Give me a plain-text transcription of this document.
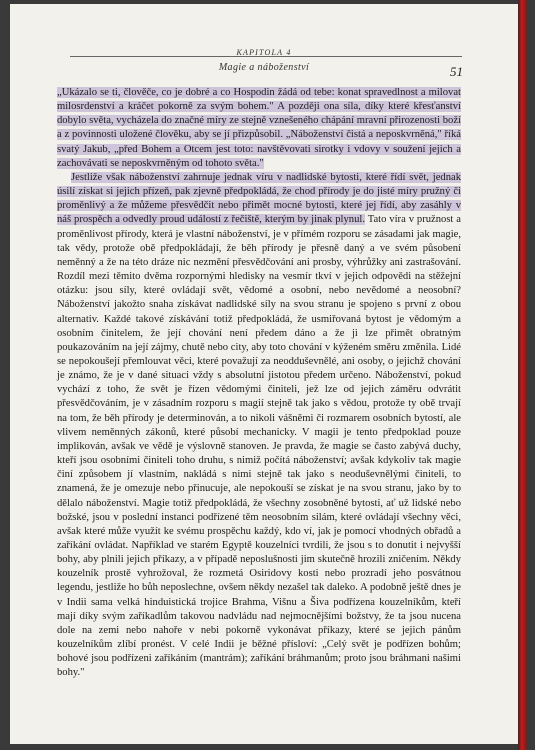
KAPITOLA 4
Magie a náboženství	51

„Ukázalo se ti, člověče, co je dobré a co Hospodin žádá od tebe: konat spravedlnost a milovat milosrdenství a kráčet pokorně za svým bohem." A později ona síla, díky které křesťanství dobylo světa, vycházela do značné míry ze stejně vznešeného chápání mravní přirozenosti boží a z povinnosti uložené člověku, aby se jí přizpůsobil. „Náboženství čistá a neposkvrněná," říká svatý Jakub, „před Bohem a Otcem jest toto: navštěvovati sirotky i vdovy v soužení jejich a zachovávati se neposkvrněným od tohoto světa."

Jestliže však náboženství zahrnuje jednak víru v nadlidské bytosti, které řídí svět, jednak úsilí získat si jejich přízeň, pak zjevně předpokládá, že chod přírody je do jisté míry pružný či proměnlivý a že můžeme přesvědčit nebo přimět mocné bytosti, které jej řídí, aby zasáhly v náš prospěch a odvedly proud událostí z řečiště, kterým by jinak plynul. Tato víra v pružnost a proměnlivost přírody, která je vlastní náboženství, je v přímém rozporu se zásadami jak magie, tak vědy, protože obě předpokládají, že běh přírody je přesně daný a ve svém působení neměnný a že na této dráze nic nezmění přesvědčování ani prosby, výhrůžky ani zastrašování. Rozdíl mezi těmito dvěma rozpornými hledisky na vesmír tkví v jejich odpovědi na stěžejní otázku: jsou síly, které ovládají svět, vědomé a osobní, nebo nevědomé a neosobní? Náboženství jakožto snaha získávat nadlidské síly na svou stranu je spojeno s první z obou alternativ. Každé takové získávání totiž předpokládá, že usmiřovaná bytost je vědomým a osobním činitelem, že její chování není předem dáno a že ji lze přimět obratným poukazováním na její zájmy, chutě nebo city, aby toto chování v kýženém směru změnila. Lidé se nepokoušejí přemlouvat věci, které považují za neodduševnělé, ani osoby, o jejichž chování je známo, že je v dané situaci vždy s absolutní jistotou předem určeno. Náboženství, pokud vychází z toho, že svět je řízen vědomými činiteli, jež lze od jejich záměru odvrátit přesvědčováním, je v zásadním rozporu s magií stejně tak jako s vědou, protože ty obě trvají na tom, že běh přírody je determinován, a to nikoli vášněmi či rozmarem osobních bytostí, ale vlivem neměnných zákonů, které působí mechanicky. V magii je tento předpoklad pouze implikován, avšak ve vědě je výslovně stanoven. Je pravda, že magie se často zabývá duchy, kteří jsou osobními činiteli toho druhu, s nimiž počítá náboženství; avšak kdykoliv tak magie činí způsobem jí vlastním, nakládá s nimi stejně tak jako s neoduševnělými činiteli, to znamená, že je omezuje nebo přinucuje, ale nepokouší se získat je na svou stranu, jako by to dělalo náboženství. Magie totiž předpokládá, že všechny zosobněné bytosti, ať už lidské nebo božské, jsou v poslední instanci podřízené těm neosobním silám, které ovládají všechny věci, avšak které může využít ke svému prospěchu každý, kdo ví, jak je pomocí vhodných obřadů a zaříkání ovládat. Například ve starém Egyptě kouzelníci tvrdili, že jsou s to donutit i nejvyšší bohy, aby plnili jejich příkazy, a v případě neposlušnosti jim skutečně hrozili zničením. Někdy kouzelník prostě vyhrožoval, že rozmetá Osiridovy kosti nebo prozradí jeho posvátnou legendu, jestliže ho bůh neposlechne, ovšem někdy nezašel tak daleko. A podobně ještě dnes je v Indii sama velká hinduistická trojice Brahma, Višnu a Šiva podřízena kouzelníkům, kteří mají díky svým zaříkadlům takovou nadvládu nad nejmocnějšími božstvy, že ta jsou nucena dole na zemi nebo nahoře v nebi pokorně vykonávat příkazy, které se jejich pánům kouzelníkům zlíbí pronést. V celé Indii je běžné přísloví: „Celý svět je podřízen bohům; bohové jsou podřízeni zaříkáním (mantrám); zaříkání bráhmanům; proto jsou bráhmani našimi bohy."
